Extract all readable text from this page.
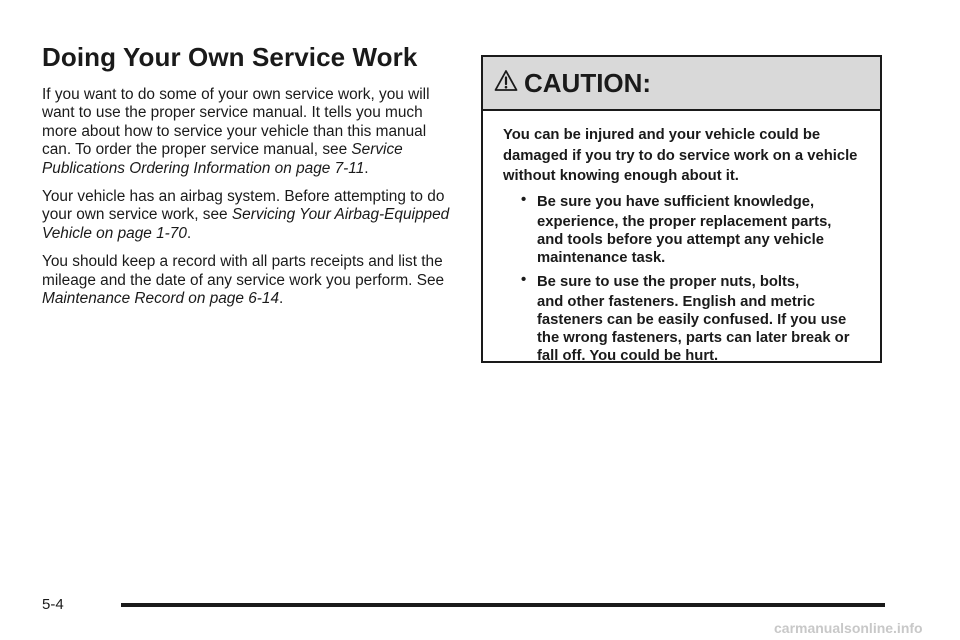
Doing Your Own Service Work

If you want to do some of your own service work, you will want to use the proper service manual. It tells you much more about how to service your vehicle than this manual can. To order the proper service manual, see Service Publications Ordering Information on page 7-11.

Your vehicle has an airbag system. Before attempting to do your own service work, see Servicing Your Airbag-Equipped Vehicle on page 1-70.

You should keep a record with all parts receipts and list the mileage and the date of any service work you perform. See Maintenance Record on page 6-14.

CAUTION:

You can be injured and your vehicle could be damaged if you try to do service work on a vehicle without knowing enough about it.

• Be sure you have sufficient knowledge,
experience, the proper replacement parts, and tools before you attempt any vehicle maintenance task.
• Be sure to use the proper nuts, bolts,
and other fasteners. English and metric fasteners can be easily confused. If you use the wrong fasteners, parts can later break or fall off. You could be hurt.
5-4
carmanualsonline.info
